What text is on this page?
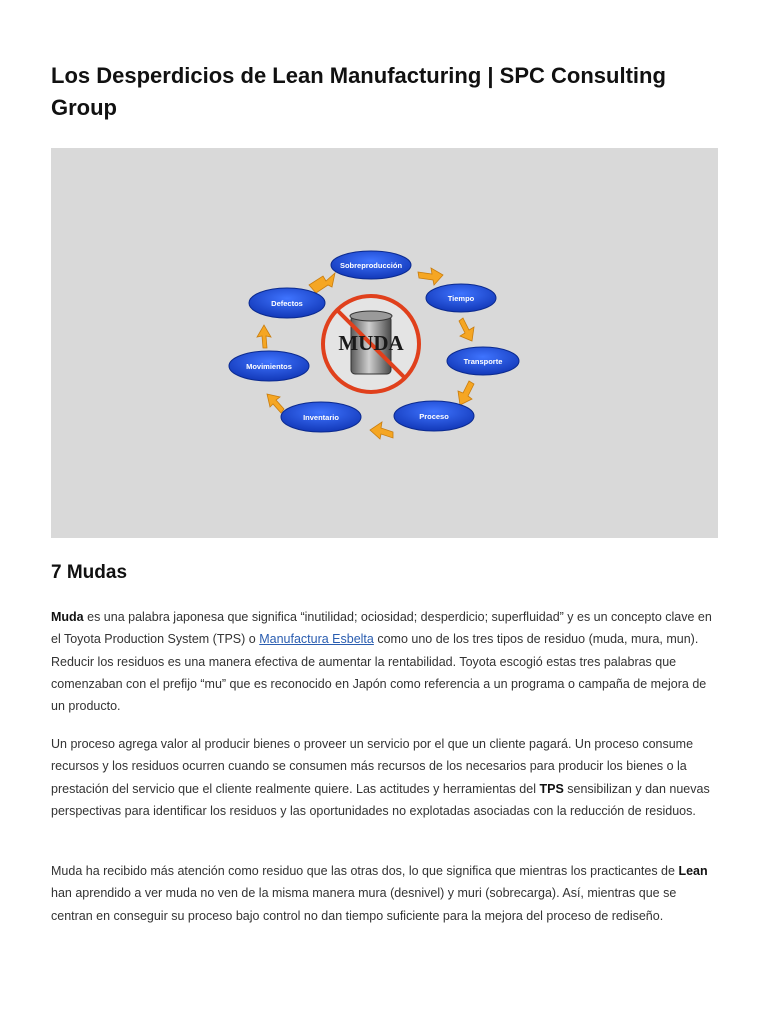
Los Desperdicios de Lean Manufacturing | SPC Consulting Group
MUDA
Sobreproducción
Tiempo
Transporte
Proceso
Inventario
Movimientos
Defectos
7 Mudas

Muda es una palabra japonesa que significa “inutilidad; ociosidad; desperdicio; superfluidad” y es un concepto clave en el Toyota Production System (TPS) o Manufactura Esbelta como uno de los tres tipos de residuo (muda, mura, mun). Reducir los residuos es una manera efectiva de aumentar la rentabilidad. Toyota escogió estas tres palabras que comenzaban con el prefijo “mu” que es reconocido en Japón como referencia a un programa o campaña de mejora de un producto.

Un proceso agrega valor al producir bienes o proveer un servicio por el que un cliente pagará. Un proceso consume recursos y los residuos ocurren cuando se consumen más recursos de los necesarios para producir los bienes o la prestación del servicio que el cliente realmente quiere. Las actitudes y herramientas del TPS sensibilizan y dan nuevas perspectivas para identificar los residuos y las oportunidades no explotadas asociadas con la reducción de residuos.

Muda ha recibido más atención como residuo que las otras dos, lo que significa que mientras los practicantes de Lean han aprendido a ver muda no ven de la misma manera mura (desnivel) y muri (sobrecarga). Así, mientras que se centran en conseguir su proceso bajo control no dan tiempo suficiente para la mejora del proceso de rediseño.
